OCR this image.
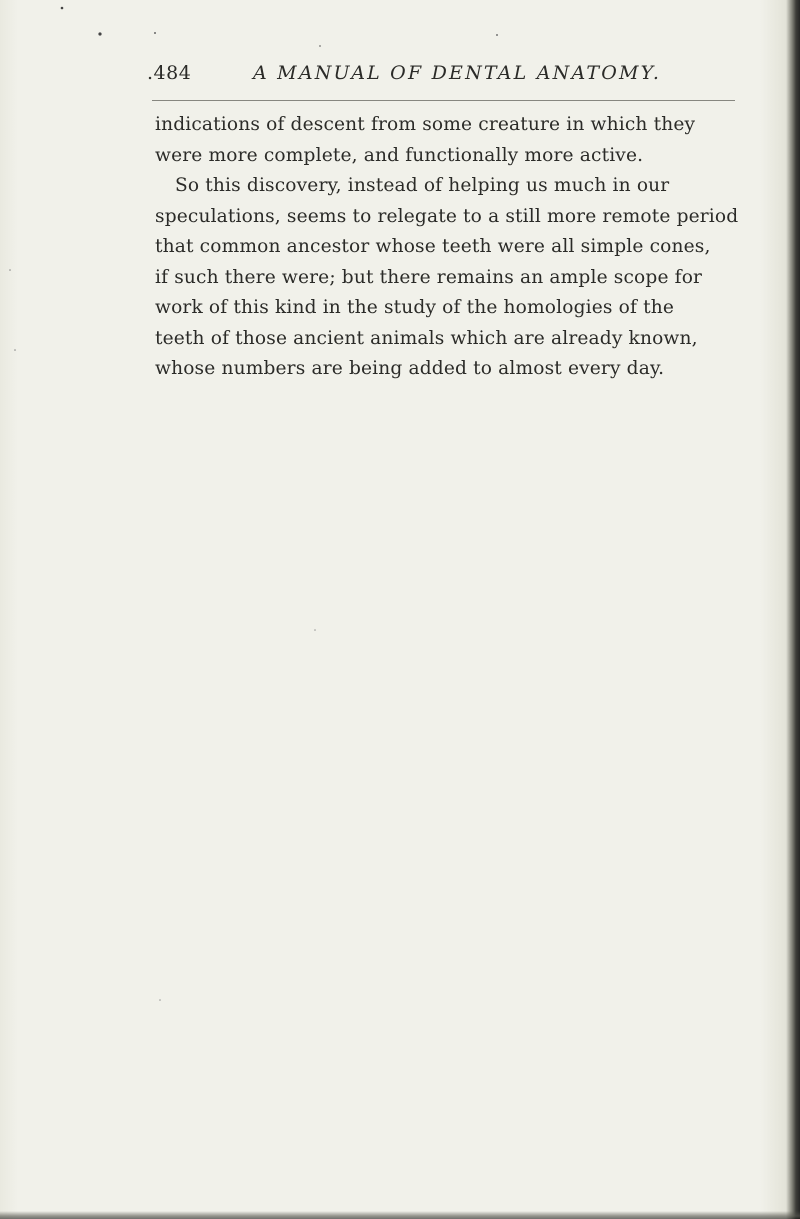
.484	A MANUAL OF DENTAL ANATOMY.
indications of descent from some creature in which they
were more complete, and functionally more active.
So this discovery, instead of helping us much in our
speculations, seems to relegate to a still more remote period
that common ancestor whose teeth were all simple cones,
if such there were; but there remains an ample scope for
work of this kind in the study of the homologies of the
teeth of those ancient animals which are already known,
whose numbers are being added to almost every day.
